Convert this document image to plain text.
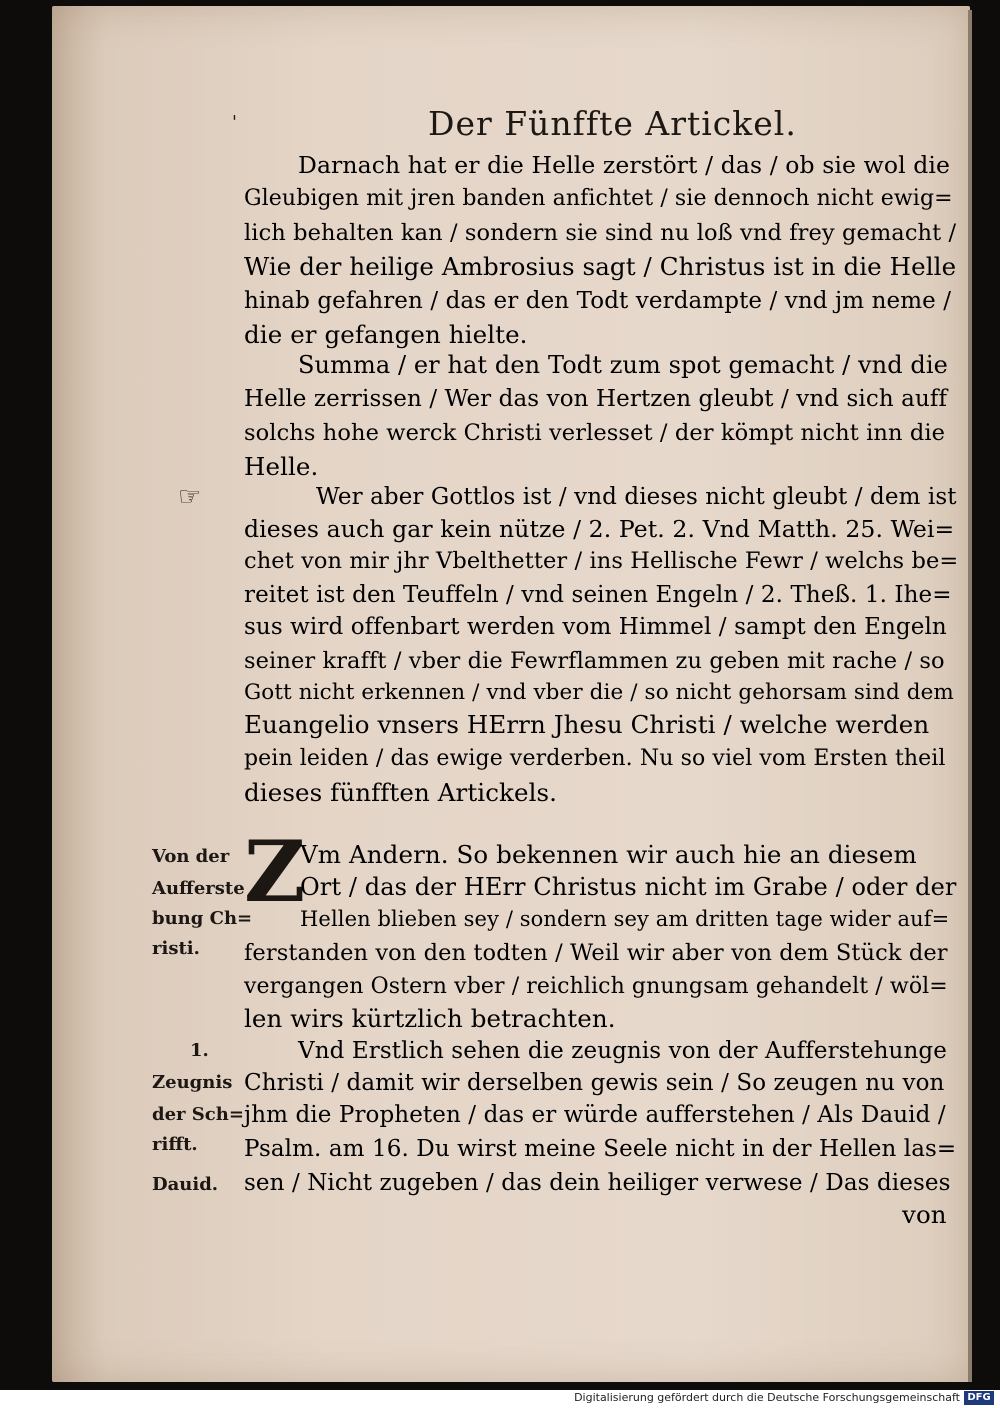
'	Der Fünffte Artickel.
Darnach hat er die Helle zerstört / das / ob sie wol die
Gleubigen mit jren banden anfichtet / sie dennoch nicht ewig=
lich behalten kan / sondern sie sind nu loß vnd frey gemacht /
Wie der heilige Ambrosius sagt / Christus ist in die Helle
hinab gefahren / das er den Todt verdampte / vnd jm neme /
die er gefangen hielte.
Summa / er hat den Todt zum spot gemacht / vnd die
Helle zerrissen / Wer das von Hertzen gleubt / vnd sich auff
solchs hohe werck Christi verlesset / der kömpt nicht inn die
Helle.
☞	Wer aber Gottlos ist / vnd dieses nicht gleubt / dem ist
dieses auch gar kein nütze / 2. Pet. 2. Vnd Matth. 25. Wei=
chet von mir jhr Vbelthetter / ins Hellische Fewr / welchs be=
reitet ist den Teuffeln / vnd seinen Engeln / 2. Theß. 1. Ihe=
sus wird offenbart werden vom Himmel / sampt den Engeln
seiner krafft / vber die Fewrflammen zu geben mit rache / so
Gott nicht erkennen / vnd vber die / so nicht gehorsam sind dem
Euangelio vnsers HErrn Jhesu Christi / welche werden
pein leiden / das ewige verderben. Nu so viel vom Ersten theil
dieses fünfften Artickels.
Von der
Aufferste
bung Ch=
risti.
Z
Vm Andern. So bekennen wir auch hie an diesem
Ort / das der HErr Christus nicht im Grabe / oder der
Hellen blieben sey / sondern sey am dritten tage wider auf=
ferstanden von den todten / Weil wir aber von dem Stück der
vergangen Ostern vber / reichlich gnungsam gehandelt / wöl=
len wirs kürtzlich betrachten.
1.
Zeugnis
der Sch=
rifft.
Dauid.
Vnd Erstlich sehen die zeugnis von der Aufferstehunge
Christi / damit wir derselben gewis sein / So zeugen nu von
jhm die Propheten / das er würde aufferstehen / Als Dauid /
Psalm. am 16. Du wirst meine Seele nicht in der Hellen las=
sen / Nicht zugeben / das dein heiliger verwese / Das dieses
von
Digitalisierung gefördert durch die Deutsche Forschungsgemeinschaft DFG
